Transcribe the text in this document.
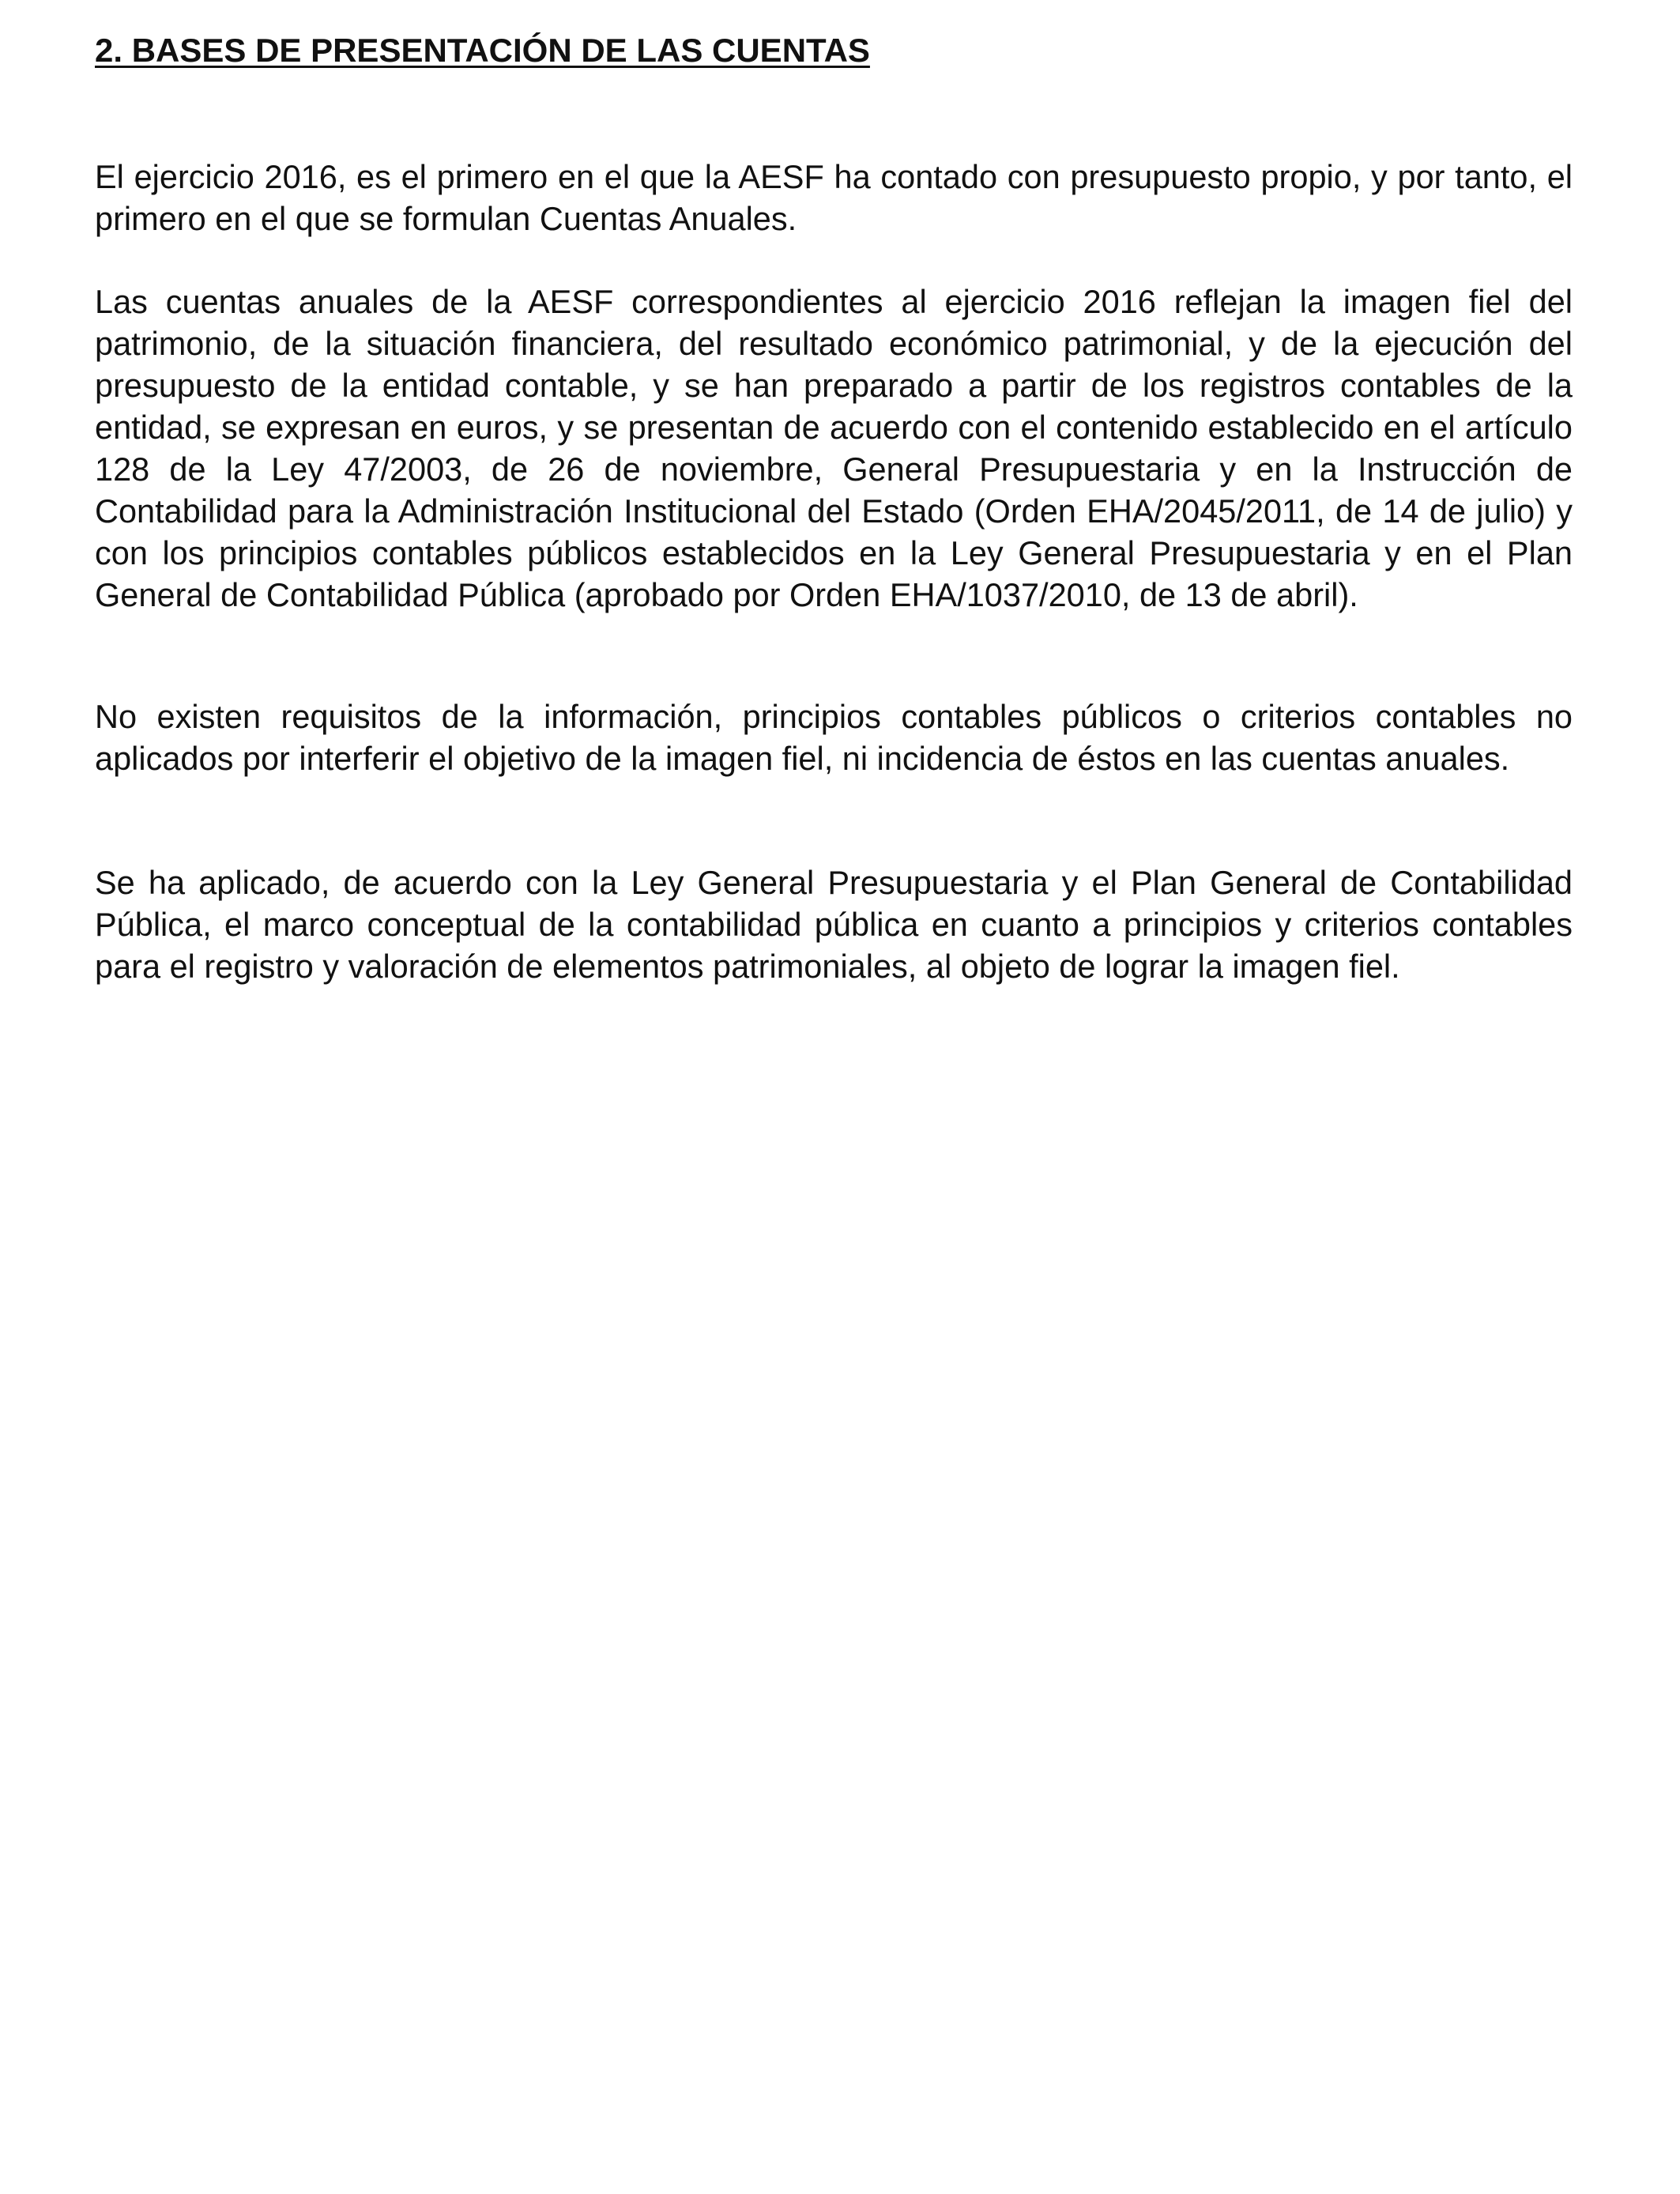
2. BASES DE PRESENTACIÓN DE LAS CUENTAS

El ejercicio 2016, es el primero en el que la AESF ha contado con presupuesto propio, y por tanto, el primero en el que se formulan Cuentas Anuales.

Las cuentas anuales de la AESF correspondientes al ejercicio 2016 reflejan la imagen fiel del patrimonio, de la situación financiera, del resultado económico patrimonial, y de la ejecución del presupuesto de la entidad contable, y se han preparado a partir de los registros contables de la entidad, se expresan en euros, y se presentan de acuerdo con el contenido establecido en el artículo 128 de la Ley 47/2003, de 26 de noviembre, General Presupuestaria y en la Instrucción de Contabilidad para la Administración Institucional del Estado (Orden EHA/2045/2011, de 14 de julio) y con los principios contables públicos establecidos en la Ley General Presupuestaria y en el Plan General de Contabilidad Pública (aprobado por Orden EHA/1037/2010, de 13 de abril).

No existen requisitos de la información, principios contables públicos o criterios contables no aplicados por interferir el objetivo de la imagen fiel, ni incidencia de éstos en las cuentas anuales.

Se ha aplicado, de acuerdo con la Ley General Presupuestaria y el Plan General de Contabilidad Pública, el marco conceptual de la contabilidad pública en cuanto a principios y criterios contables para el registro y valoración de elementos patrimoniales, al objeto de lograr la imagen fiel.
